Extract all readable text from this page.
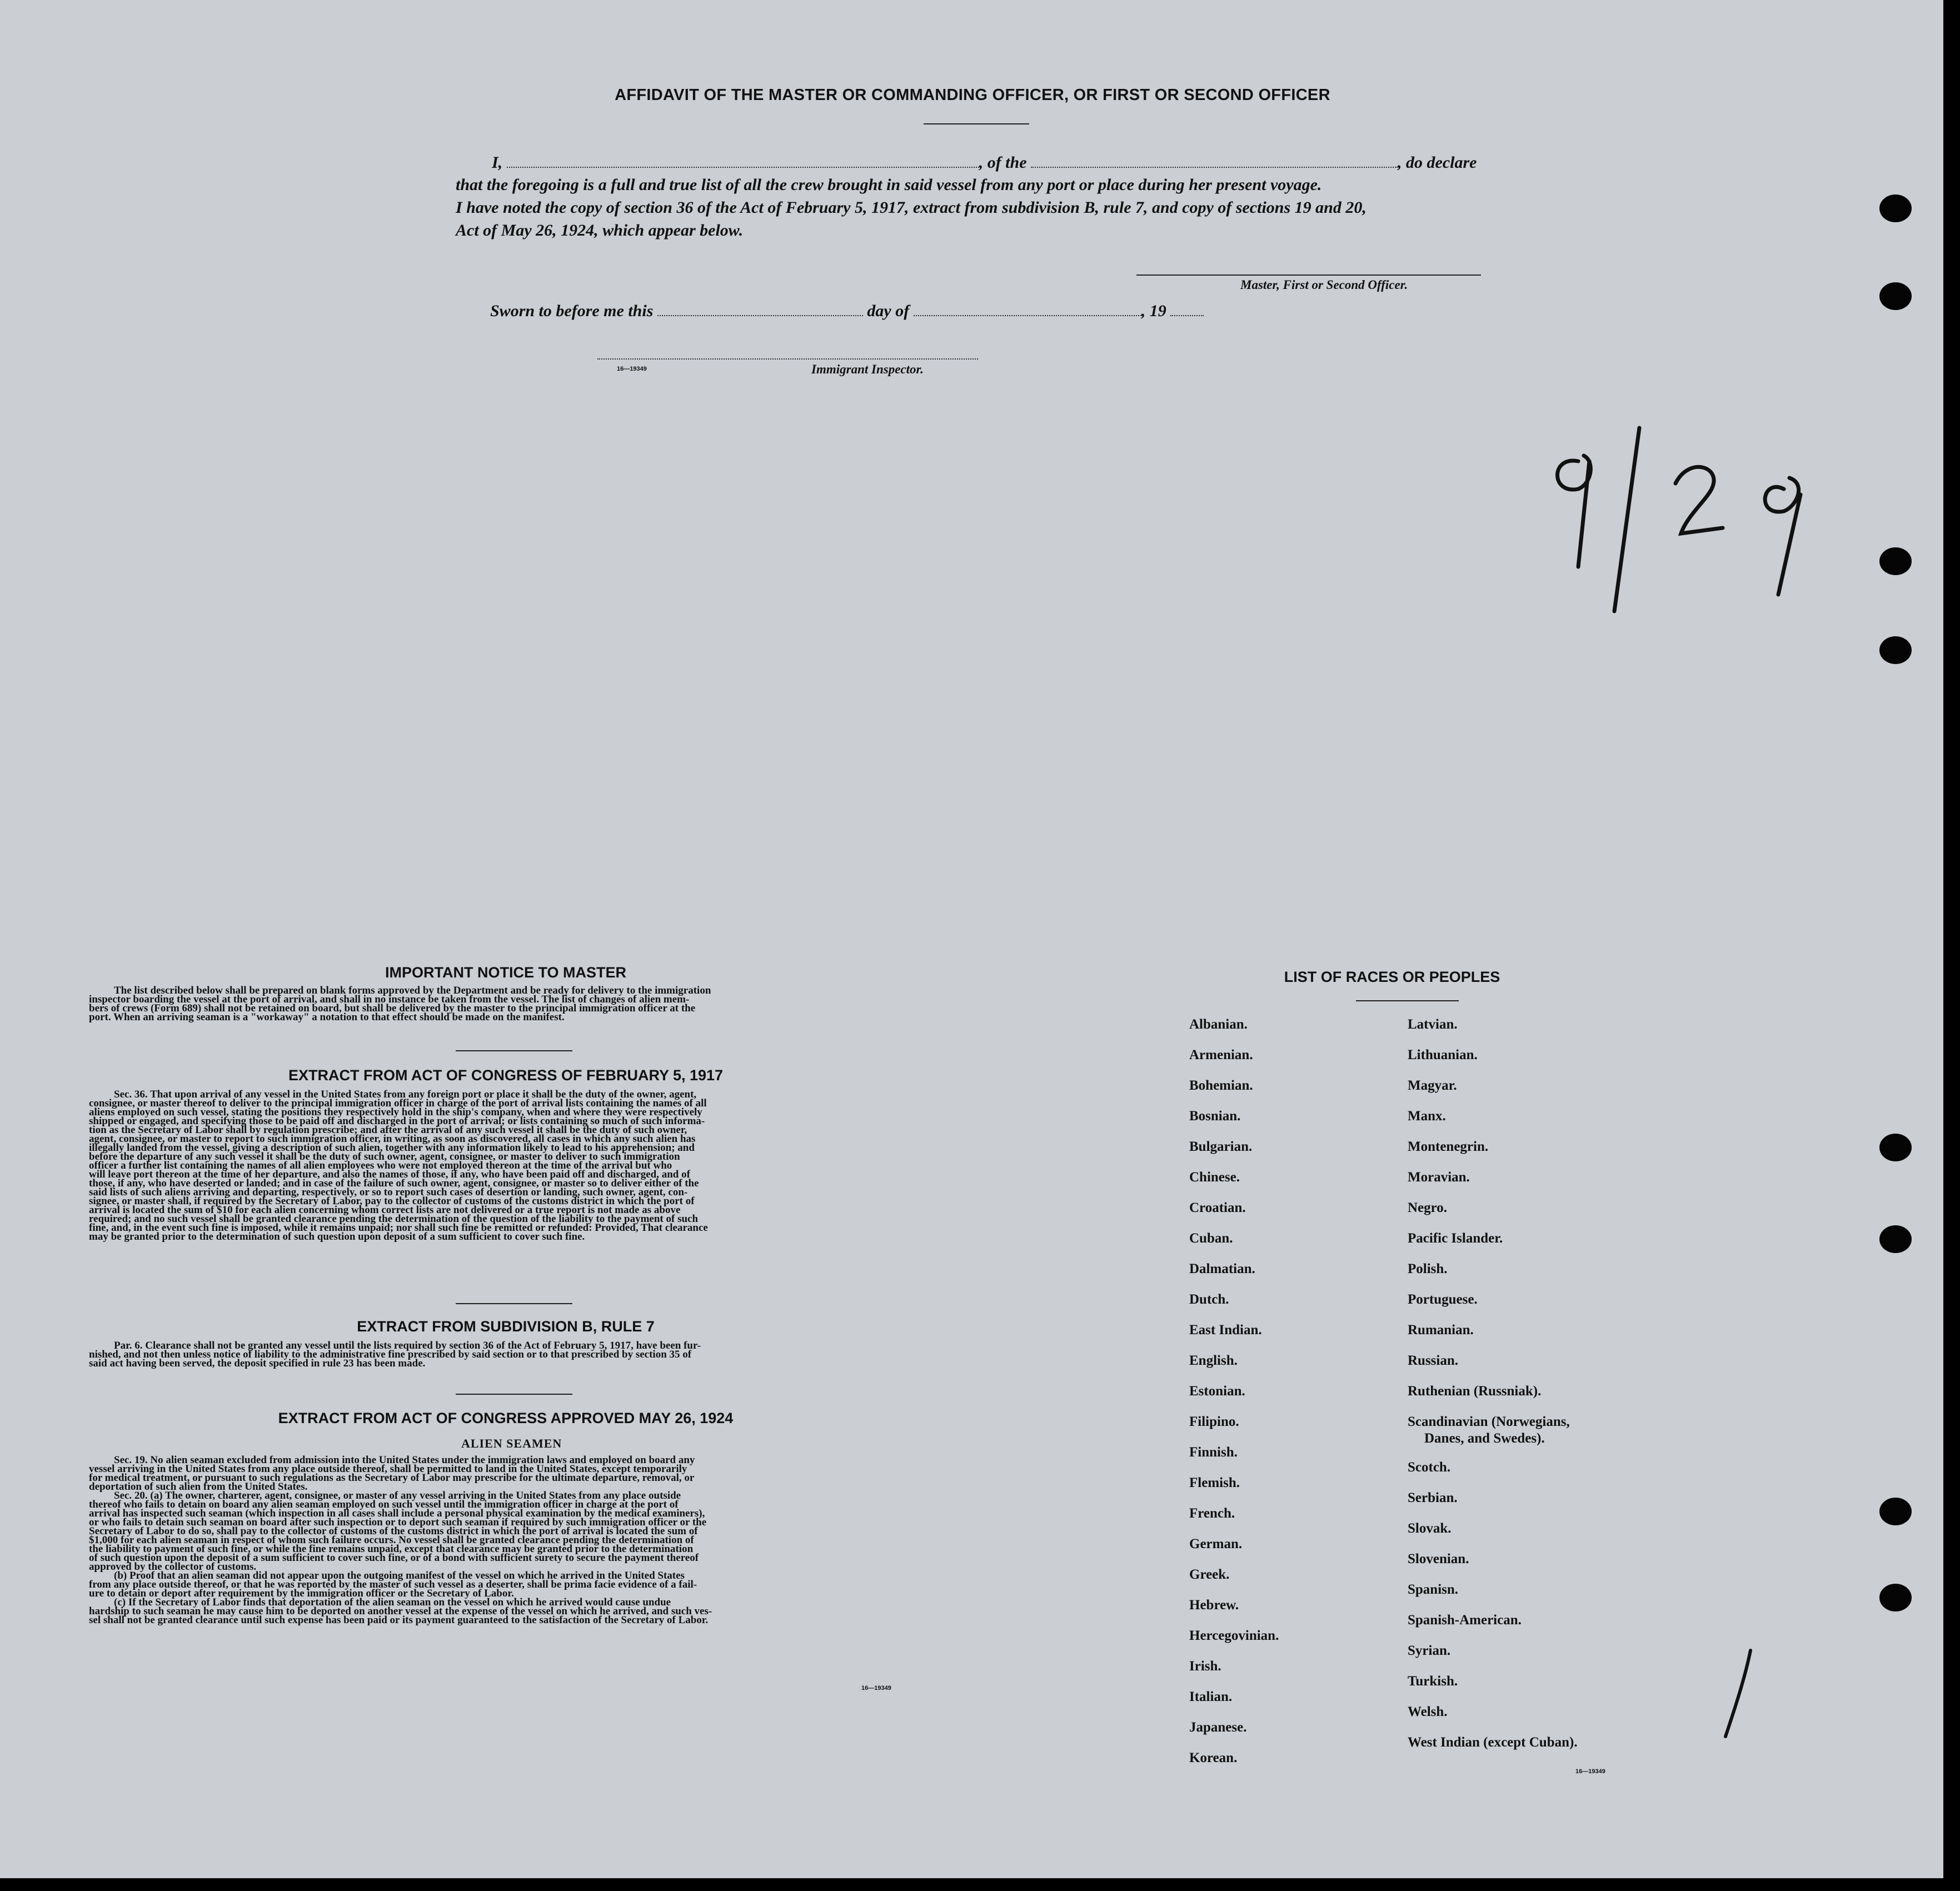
AFFIDAVIT OF THE MASTER OR COMMANDING OFFICER, OR FIRST OR SECOND OFFICER
I,	, of the	, do declare
that the foregoing is a full and true list of all the crew brought in said vessel from any port or place during her present voyage.
I have noted the copy of section 36 of the Act of February 5, 1917, extract from subdivision B, rule 7, and copy of sections 19 and 20,
Act of May 26, 1924, which appear below.
Master, First or Second Officer.
Sworn to before me this	day of	, 19
16—19349	Immigrant Inspector.
IMPORTANT NOTICE TO MASTER
The list described below shall be prepared on blank forms approved by the Department and be ready for delivery to the immigration
inspector boarding the vessel at the port of arrival, and shall in no instance be taken from the vessel. The list of changes of alien mem-
bers of crews (Form 689) shall not be retained on board, but shall be delivered by the master to the principal immigration officer at the
port. When an arriving seaman is a "workaway" a notation to that effect should be made on the manifest.
EXTRACT FROM ACT OF CONGRESS OF FEBRUARY 5, 1917
Sec. 36. That upon arrival of any vessel in the United States from any foreign port or place it shall be the duty of the owner, agent,
consignee, or master thereof to deliver to the principal immigration officer in charge of the port of arrival lists containing the names of all
aliens employed on such vessel, stating the positions they respectively hold in the ship's company, when and where they were respectively
shipped or engaged, and specifying those to be paid off and discharged in the port of arrival; or lists containing so much of such informa-
tion as the Secretary of Labor shall by regulation prescribe; and after the arrival of any such vessel it shall be the duty of such owner,
agent, consignee, or master to report to such immigration officer, in writing, as soon as discovered, all cases in which any such alien has
illegally landed from the vessel, giving a description of such alien, together with any information likely to lead to his apprehension; and
before the departure of any such vessel it shall be the duty of such owner, agent, consignee, or master to deliver to such immigration
officer a further list containing the names of all alien employees who were not employed thereon at the time of the arrival but who
will leave port thereon at the time of her departure, and also the names of those, if any, who have been paid off and discharged, and of
those, if any, who have deserted or landed; and in case of the failure of such owner, agent, consignee, or master so to deliver either of the
said lists of such aliens arriving and departing, respectively, or so to report such cases of desertion or landing, such owner, agent, con-
signee, or master shall, if required by the Secretary of Labor, pay to the collector of customs of the customs district in which the port of
arrival is located the sum of $10 for each alien concerning whom correct lists are not delivered or a true report is not made as above
required; and no such vessel shall be granted clearance pending the determination of the question of the liability to the payment of such
fine, and, in the event such fine is imposed, while it remains unpaid; nor shall such fine be remitted or refunded: Provided, That clearance
may be granted prior to the determination of such question upon deposit of a sum sufficient to cover such fine.
EXTRACT FROM SUBDIVISION B, RULE 7
Par. 6. Clearance shall not be granted any vessel until the lists required by section 36 of the Act of February 5, 1917, have been fur-
nished, and not then unless notice of liability to the administrative fine prescribed by said section or to that prescribed by section 35 of
said act having been served, the deposit specified in rule 23 has been made.
EXTRACT FROM ACT OF CONGRESS APPROVED MAY 26, 1924
ALIEN SEAMEN
Sec. 19. No alien seaman excluded from admission into the United States under the immigration laws and employed on board any
vessel arriving in the United States from any place outside thereof, shall be permitted to land in the United States, except temporarily
for medical treatment, or pursuant to such regulations as the Secretary of Labor may prescribe for the ultimate departure, removal, or
deportation of such alien from the United States.
Sec. 20. (a) The owner, charterer, agent, consignee, or master of any vessel arriving in the United States from any place outside
thereof who fails to detain on board any alien seaman employed on such vessel until the immigration officer in charge at the port of
arrival has inspected such seaman (which inspection in all cases shall include a personal physical examination by the medical examiners),
or who fails to detain such seaman on board after such inspection or to deport such seaman if required by such immigration officer or the
Secretary of Labor to do so, shall pay to the collector of customs of the customs district in which the port of arrival is located the sum of
$1,000 for each alien seaman in respect of whom such failure occurs. No vessel shall be granted clearance pending the determination of
the liability to payment of such fine, or while the fine remains unpaid, except that clearance may be granted prior to the determination
of such question upon the deposit of a sum sufficient to cover such fine, or of a bond with sufficient surety to secure the payment thereof
approved by the collector of customs.
(b) Proof that an alien seaman did not appear upon the outgoing manifest of the vessel on which he arrived in the United States
from any place outside thereof, or that he was reported by the master of such vessel as a deserter, shall be prima facie evidence of a fail-
ure to detain or deport after requirement by the immigration officer or the Secretary of Labor.
(c) If the Secretary of Labor finds that deportation of the alien seaman on the vessel on which he arrived would cause undue
hardship to such seaman he may cause him to be deported on another vessel at the expense of the vessel on which he arrived, and such ves-
sel shall not be granted clearance until such expense has been paid or its payment guaranteed to the satisfaction of the Secretary of Labor.
16—19349
LIST OF RACES OR PEOPLES
Albanian.
Armenian.
Bohemian.
Bosnian.
Bulgarian.
Chinese.
Croatian.
Cuban.
Dalmatian.
Dutch.
East Indian.
English.
Estonian.
Filipino.
Finnish.
Flemish.
French.
German.
Greek.
Hebrew.
Hercegovinian.
Irish.
Italian.
Japanese.
Korean.
Latvian.
Lithuanian.
Magyar.
Manx.
Montenegrin.
Moravian.
Negro.
Pacific Islander.
Polish.
Portuguese.
Rumanian.
Russian.
Ruthenian (Russniak).
Scandinavian (Norwegians,
Danes, and Swedes).
Scotch.
Serbian.
Slovak.
Slovenian.
Spanisn.
Spanish-American.
Syrian.
Turkish.
Welsh.
West Indian (except Cuban).
16—19349
